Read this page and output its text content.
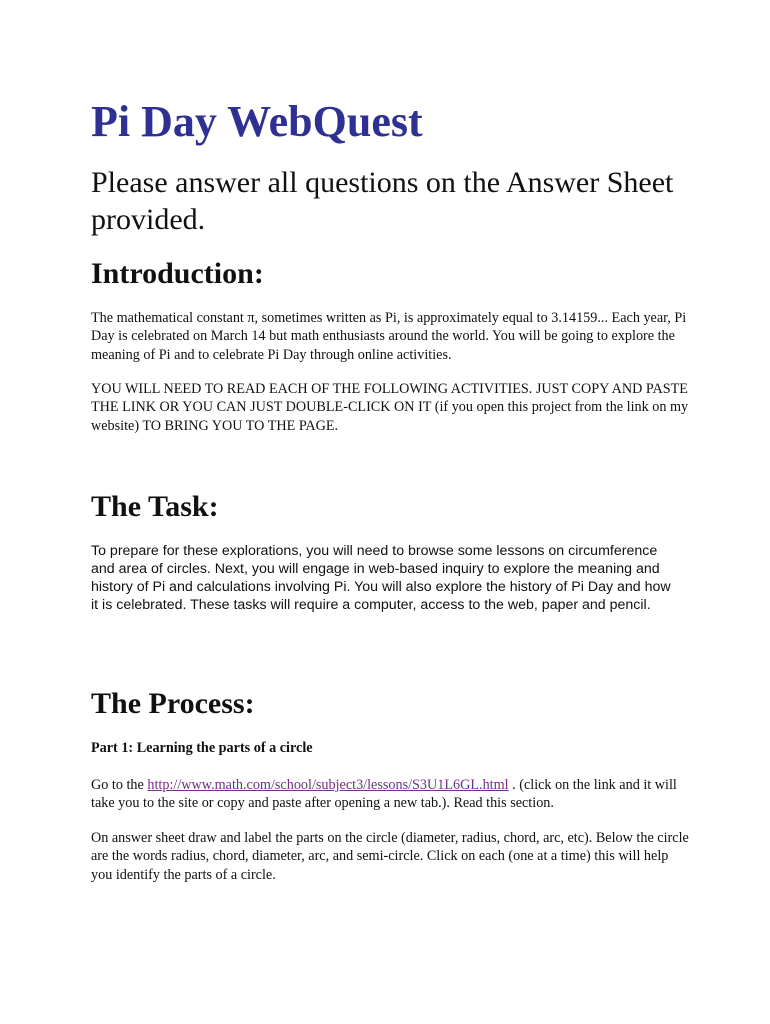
Pi Day WebQuest

Please answer all questions on the Answer Sheet provided.

Introduction:

The mathematical constant π, sometimes written as Pi, is approximately equal to 3.14159... Each year, Pi Day is celebrated on March 14 but math enthusiasts around the world. You will be going to explore the meaning of Pi and to celebrate Pi Day through online activities.

YOU WILL NEED TO READ EACH OF THE FOLLOWING ACTIVITIES. JUST COPY AND PASTE THE LINK OR YOU CAN JUST DOUBLE-CLICK ON IT (if you open this project from the link on my website) TO BRING YOU TO THE PAGE.

The Task:

To prepare for these explorations, you will need to browse some lessons on circumference and area of circles. Next, you will engage in web-based inquiry to explore the meaning and history of Pi and calculations involving Pi. You will also explore the history of Pi Day and how it is celebrated. These tasks will require a computer, access to the web, paper and pencil.

The Process:

Part 1: Learning the parts of a circle

Go to the http://www.math.com/school/subject3/lessons/S3U1L6GL.html . (click on the link and it will take you to the site or copy and paste after opening a new tab.). Read this section.

On answer sheet draw and label the parts on the circle (diameter, radius, chord, arc, etc). Below the circle are the words radius, chord, diameter, arc, and semi-circle. Click on each (one at a time) this will help you identify the parts of a circle.
